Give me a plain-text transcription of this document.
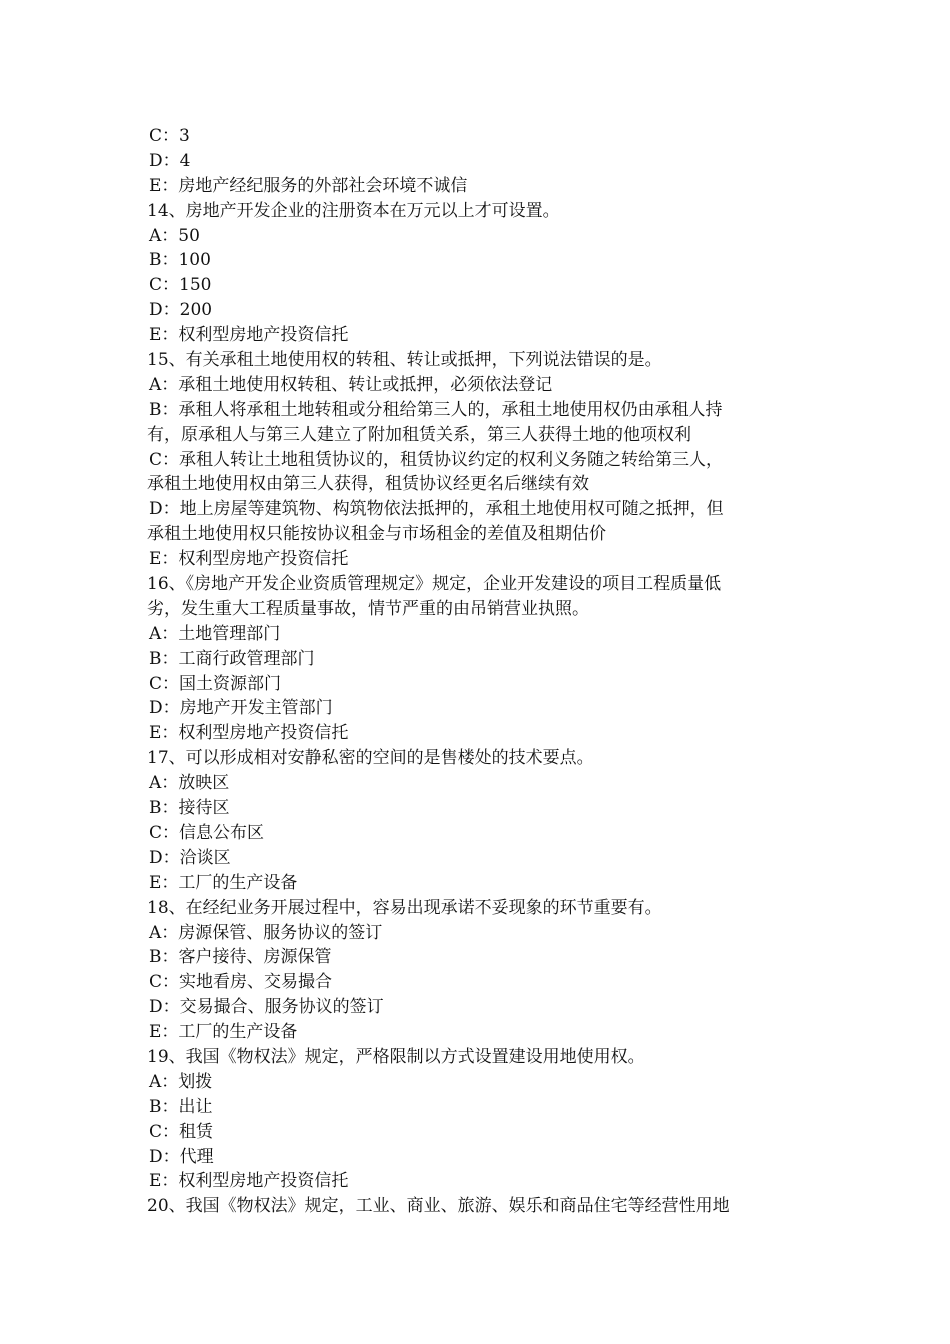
C：3
D：4
E：房地产经纪服务的外部社会环境不诚信
14、房地产开发企业的注册资本在万元以上才可设置。
A：50
B：100
C：150
D：200
E：权利型房地产投资信托
15、有关承租土地使用权的转租、转让或抵押，下列说法错误的是。
A：承租土地使用权转租、转让或抵押，必须依法登记
B：承租人将承租土地转租或分租给第三人的，承租土地使用权仍由承租人持
有，原承租人与第三人建立了附加租赁关系，第三人获得土地的他项权利
C：承租人转让土地租赁协议的，租赁协议约定的权利义务随之转给第三人，
承租土地使用权由第三人获得，租赁协议经更名后继续有效
D：地上房屋等建筑物、构筑物依法抵押的，承租土地使用权可随之抵押，但
承租土地使用权只能按协议租金与市场租金的差值及租期估价
E：权利型房地产投资信托
16、《房地产开发企业资质管理规定》规定，企业开发建设的项目工程质量低
劣，发生重大工程质量事故，情节严重的由吊销营业执照。
A：土地管理部门
B：工商行政管理部门
C：国土资源部门
D：房地产开发主管部门
E：权利型房地产投资信托
17、可以形成相对安静私密的空间的是售楼处的技术要点。
A：放映区
B：接待区
C：信息公布区
D：洽谈区
E：工厂的生产设备
18、在经纪业务开展过程中，容易出现承诺不妥现象的环节重要有。
A：房源保管、服务协议的签订
B：客户接待、房源保管
C：实地看房、交易撮合
D：交易撮合、服务协议的签订
E：工厂的生产设备
19、我国《物权法》规定，严格限制以方式设置建设用地使用权。
A：划拨
B：出让
C：租赁
D：代理
E：权利型房地产投资信托
20、我国《物权法》规定，工业、商业、旅游、娱乐和商品住宅等经营性用地
